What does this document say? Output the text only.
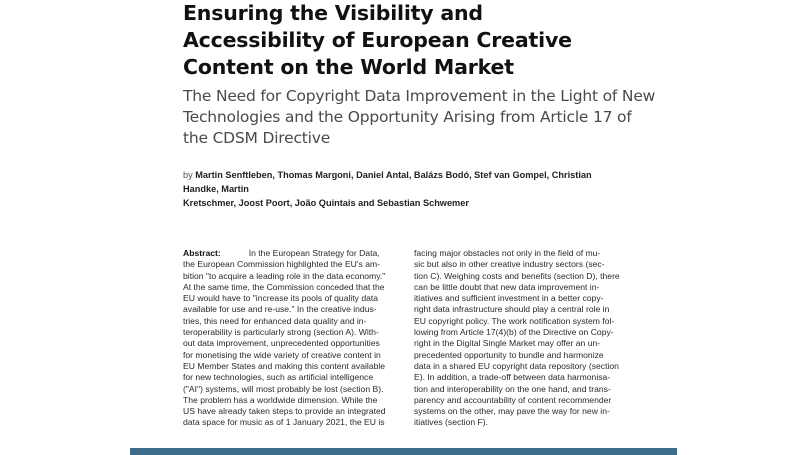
Ensuring the Visibility and
Accessibility of European Creative
Content on the World Market
The Need for Copyright Data Improvement in the Light of New
Technologies and the Opportunity Arising from Article 17 of
the CDSM Directive
by Martin Senftleben, Thomas Margoni, Daniel Antal, Balázs Bodó, Stef van Gompel, Christian Handke, Martin
Kretschmer, Joost Poort, João Quintais and Sebastian Schwemer
Abstract:	In the European Strategy for Data,
the European Commission highlighted the EU's am-
bition "to acquire a leading role in the data economy."
At the same time, the Commission conceded that the
EU would have to "increase its pools of quality data
available for use and re-use." In the creative indus-
tries, this need for enhanced data quality and in-
teroperability is particularly strong (section A). With-
out data improvement, unprecedented opportunities
for monetising the wide variety of creative content in
EU Member States and making this content available
for new technologies, such as artificial intelligence
("AI") systems, will most probably be lost (section B).
The problem has a worldwide dimension. While the
US have already taken steps to provide an integrated
data space for music as of 1 January 2021, the EU is
facing major obstacles not only in the field of mu-
sic but also in other creative industry sectors (sec-
tion C). Weighing costs and benefits (section D), there
can be little doubt that new data improvement in-
itiatives and sufficient investment in a better copy-
right data infrastructure should play a central role in
EU copyright policy. The work notification system fol-
lowing from Article 17(4)(b) of the Directive on Copy-
right in the Digital Single Market may offer an un-
precedented opportunity to bundle and harmonize
data in a shared EU copyright data repository (section
E). In addition, a trade-off between data harmonisa-
tion and interoperability on the one hand, and trans-
parency and accountability of content recommender
systems on the other, may pave the way for new in-
itiatives (section F).
